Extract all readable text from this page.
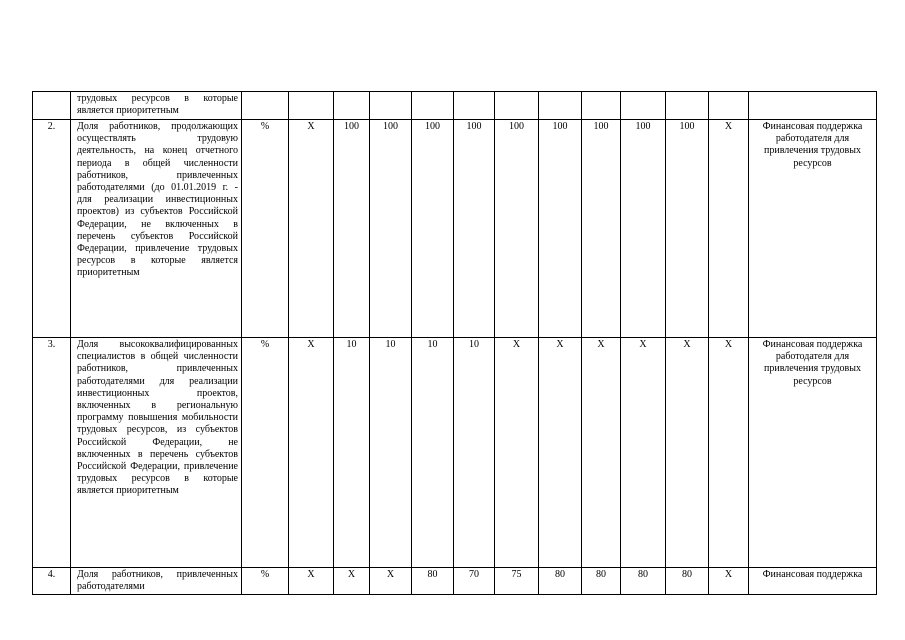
	трудовых ресурсов в которые является приоритетным													
2.	Доля работников, продолжающих осуществлять трудовую деятельность, на конец отчетного периода в общей численности работников, привлеченных работодателями (до 01.01.2019 г. - для реализации инвестиционных проектов) из субъектов Российской Федерации, не включенных в перечень субъектов Российской Федерации, привлечение трудовых ресурсов в которые является приоритетным	%	X	100	100	100	100	100	100	100	100	100	X	Финансовая поддержка работодателя для привлечения трудовых ресурсов
3.	Доля высококвалифицированных специалистов в общей численности работников, привлеченных работодателями для реализации инвестиционных проектов, включенных в региональную программу повышения мобильности трудовых ресурсов, из субъектов Российской Федерации, не включенных в перечень субъектов Российской Федерации, привлечение трудовых ресурсов в которые является приоритетным	%	X	10	10	10	10	X	X	X	X	X	X	Финансовая поддержка работодателя для привлечения трудовых ресурсов
4.	Доля работников, привлеченных работодателями	%	X	X	X	80	70	75	80	80	80	80	X	Финансовая поддержка
